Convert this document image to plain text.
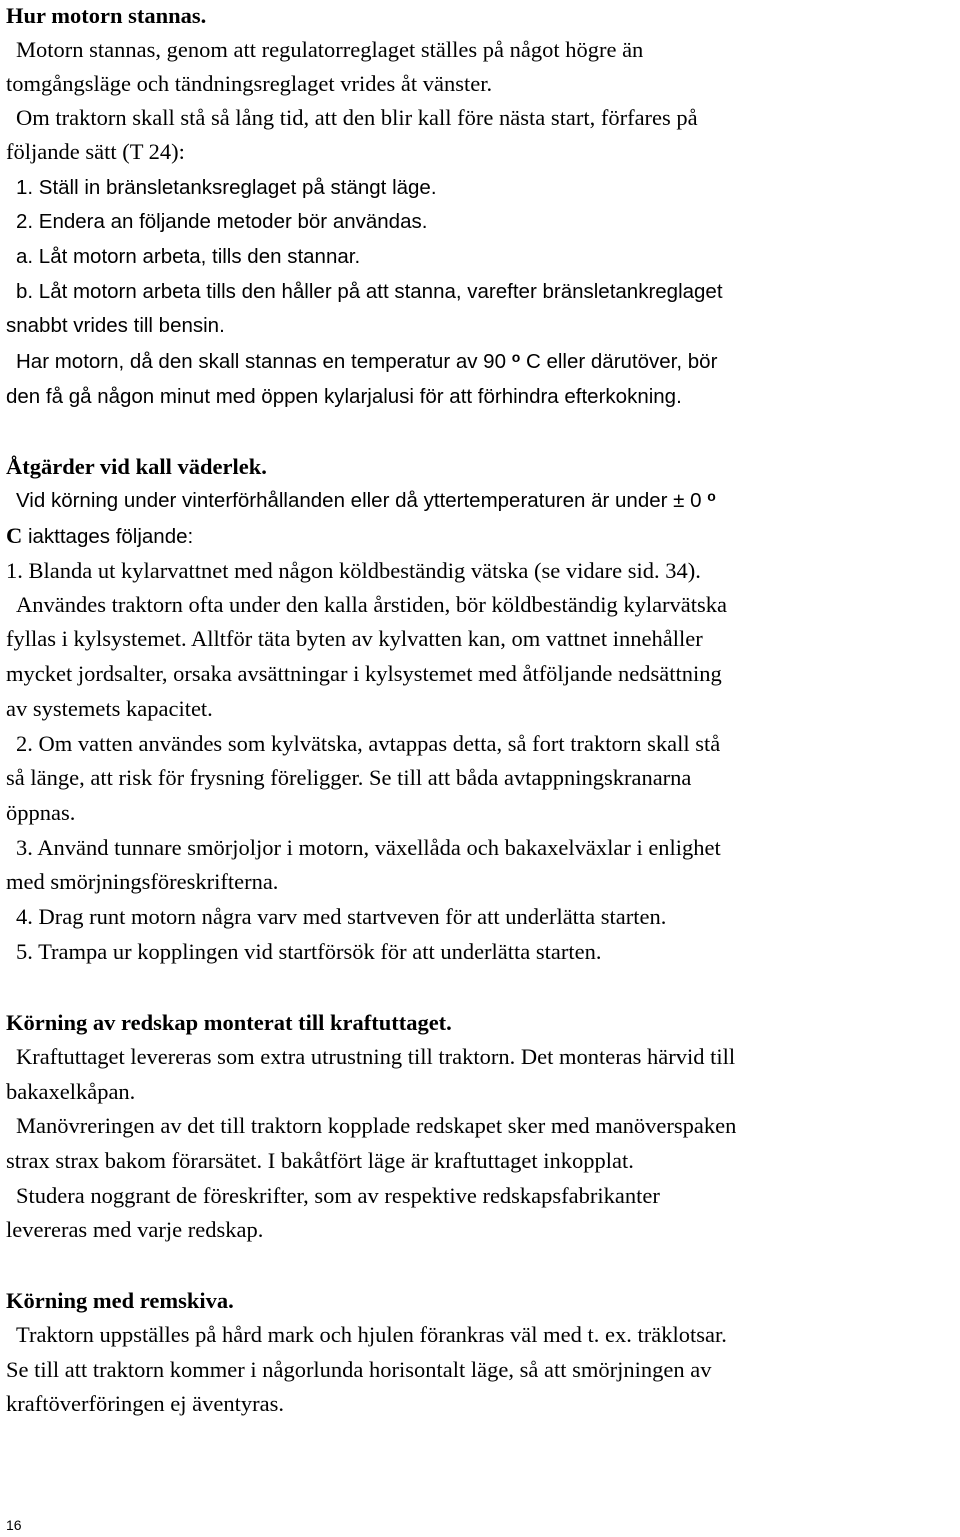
Hur motorn stannas.
Motorn stannas, genom att regulatorreglaget ställes på något högre än
tomgångsläge och tändningsreglaget vrides åt vänster.
Om traktorn skall stå så lång tid, att den blir kall före nästa start, förfares på
följande sätt (T 24):
1. Ställ in bränsletanksreglaget på stängt läge.
2. Endera an följande metoder bör användas.
a. Låt motorn arbeta, tills den stannar.
b. Låt motorn arbeta tills den håller på att stanna, varefter bränsletankreglaget
snabbt vrides till bensin.
Har motorn, då den skall stannas en temperatur av 90 $^o$ C eller därutöver, bör
den få gå någon minut med öppen kylarjalusi för att förhindra efterkokning.
Åtgärder vid kall väderlek.
Vid körning under vinterförhållanden eller då yttertemperaturen är under ± 0 $^o$
C iakttages följande:
1. Blanda ut kylarvattnet med någon köldbeständig vätska (se vidare sid. 34).
Användes traktorn ofta under den kalla årstiden, bör köldbeständig kylarvätska
fyllas i kylsystemet. Alltför täta byten av kylvatten kan, om vattnet innehåller
mycket jordsalter, orsaka avsättningar i kylsystemet med åtföljande nedsättning
av systemets kapacitet.
2. Om vatten användes som kylvätska, avtappas detta, så fort traktorn skall stå
så länge, att risk för frysning föreligger. Se till att båda avtappningskranarna
öppnas.
3. Använd tunnare smörjoljor i motorn, växellåda och bakaxelväxlar i enlighet
med smörjningsföreskrifterna.
4. Drag runt motorn några varv med startveven för att underlätta starten.
5. Trampa ur kopplingen vid startförsök för att underlätta starten.
Körning av redskap monterat till kraftuttaget.
Kraftuttaget levereras som extra utrustning till traktorn. Det monteras härvid till
bakaxelkåpan.
Manövreringen av det till traktorn kopplade redskapet sker med manöverspaken
strax strax bakom förarsätet. I bakåtfört läge är kraftuttaget inkopplat.
Studera noggrant de föreskrifter, som av respektive redskapsfabrikanter
levereras med varje redskap.
Körning med remskiva.
Traktorn uppställes på hård mark och hjulen förankras väl med t. ex. träklotsar.
Se till att traktorn kommer i någorlunda horisontalt läge, så att smörjningen av
kraftöverföringen ej äventyras.
16
